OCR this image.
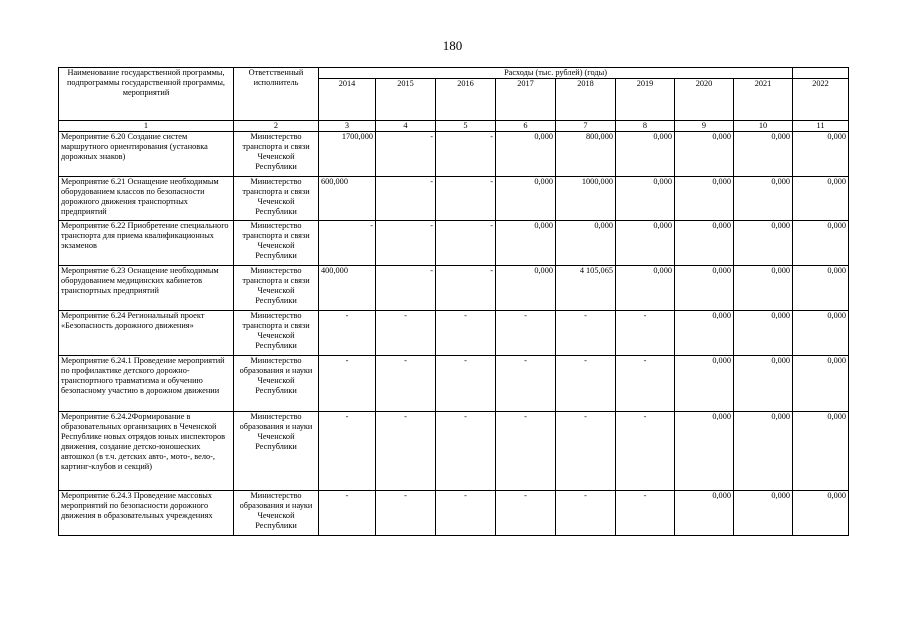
180
Наименование государственной программы, подпрограммы государственной программы, мероприятий	Ответственный исполнитель	Расходы (тыс. рублей) (годы)								
		2014	2015	2016	2017	2018	2019	2020	2021	2022
1	2	3	4	5	6	7	8	9	10	11
Мероприятие 6.20 Создание систем маршрутного ориентирования (установка дорожных знаков)	Министерство транспорта и связи Чеченской Республики	1700,000	-	-	0,000	800,000	0,000	0,000	0,000	0,000
Мероприятие 6.21 Оснащение необходимым оборудованием классов по безопасности дорожного движения транспортных предприятий	Министерство транспорта и связи Чеченской Республики	600,000	-	-	0,000	1000,000	0,000	0,000	0,000	0,000
Мероприятие 6.22 Приобретение специального транспорта для приема квалификационных экзаменов	Министерство транспорта и связи Чеченской Республики	-	-	-	0,000	0,000	0,000	0,000	0,000	0,000
Мероприятие 6.23 Оснащение необходимым оборудованием медицинских кабинетов транспортных предприятий	Министерство транспорта и связи Чеченской Республики	400,000	-	-	0,000	4 105,065	0,000	0,000	0,000	0,000
Мероприятие 6.24 Региональный проект «Безопасность дорожного движения»	Министерство транспорта и связи Чеченской Республики	-	-	-	-	-	-	0,000	0,000	0,000
Мероприятие 6.24.1 Проведение мероприятий по профилактике детского дорожно-транспортного травматизма и обучению безопасному участию в дорожном движении	Министерство образования и науки Чеченской Республики	-	-	-	-	-	-	0,000	0,000	0,000
Мероприятие 6.24.2Формирование в образовательных организациях в Чеченской Республике новых отрядов юных инспекторов движения, создание детско-юношеских автошкол (в т.ч. детских авто-, мото-, вело-, картинг-клубов и секций)	Министерство образования и науки Чеченской Республики	-	-	-	-	-	-	0,000	0,000	0,000
Мероприятие 6.24.3 Проведение массовых мероприятий по безопасности дорожного движения в образовательных учреждениях	Министерство образования и науки Чеченской Республики	-	-	-	-	-	-	0,000	0,000	0,000
